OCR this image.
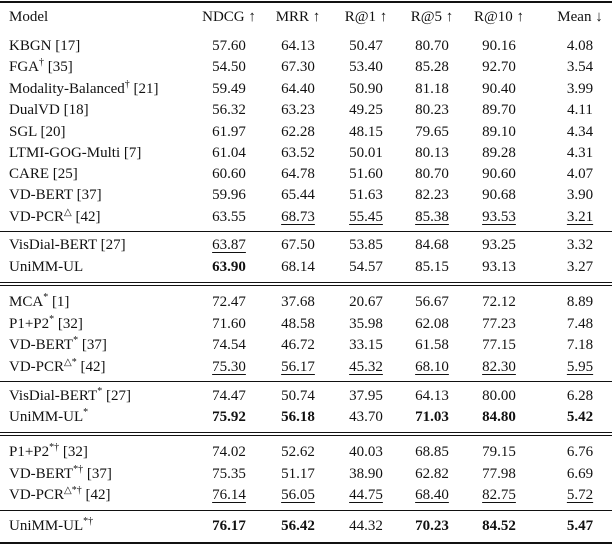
Model	NDCG ↑	MRR ↑	R@1 ↑	R@5 ↑	R@10 ↑	Mean ↓
KBGN [17]	57.60	64.13	50.47	80.70	90.16	4.08
FGA† [35]	54.50	67.30	53.40	85.28	92.70	3.54
Modality-Balanced† [21]	59.49	64.40	50.90	81.18	90.40	3.99
DualVD [18]	56.32	63.23	49.25	80.23	89.70	4.11
SGL [20]	61.97	62.28	48.15	79.65	89.10	4.34
LTMI-GOG-Multi [7]	61.04	63.52	50.01	80.13	89.28	4.31
CARE [25]	60.60	64.78	51.60	80.70	90.60	4.07
VD-BERT [37]	59.96	65.44	51.63	82.23	90.68	3.90
VD-PCR△ [42]	63.55	68.73	55.45	85.38	93.53	3.21
VisDial-BERT [27]	63.87	67.50	53.85	84.68	93.25	3.32
UniMM-UL	63.90	68.14	54.57	85.15	93.13	3.27
MCA* [1]	72.47	37.68	20.67	56.67	72.12	8.89
P1+P2* [32]	71.60	48.58	35.98	62.08	77.23	7.48
VD-BERT* [37]	74.54	46.72	33.15	61.58	77.15	7.18
VD-PCR△* [42]	75.30	56.17	45.32	68.10	82.30	5.95
VisDial-BERT* [27]	74.47	50.74	37.95	64.13	80.00	6.28
UniMM-UL*	75.92	56.18	43.70	71.03	84.80	5.42
P1+P2*† [32]	74.02	52.62	40.03	68.85	79.15	6.76
VD-BERT*† [37]	75.35	51.17	38.90	62.82	77.98	6.69
VD-PCR△*† [42]	76.14	56.05	44.75	68.40	82.75	5.72
UniMM-UL*†	76.17	56.42	44.32	70.23	84.52	5.47
